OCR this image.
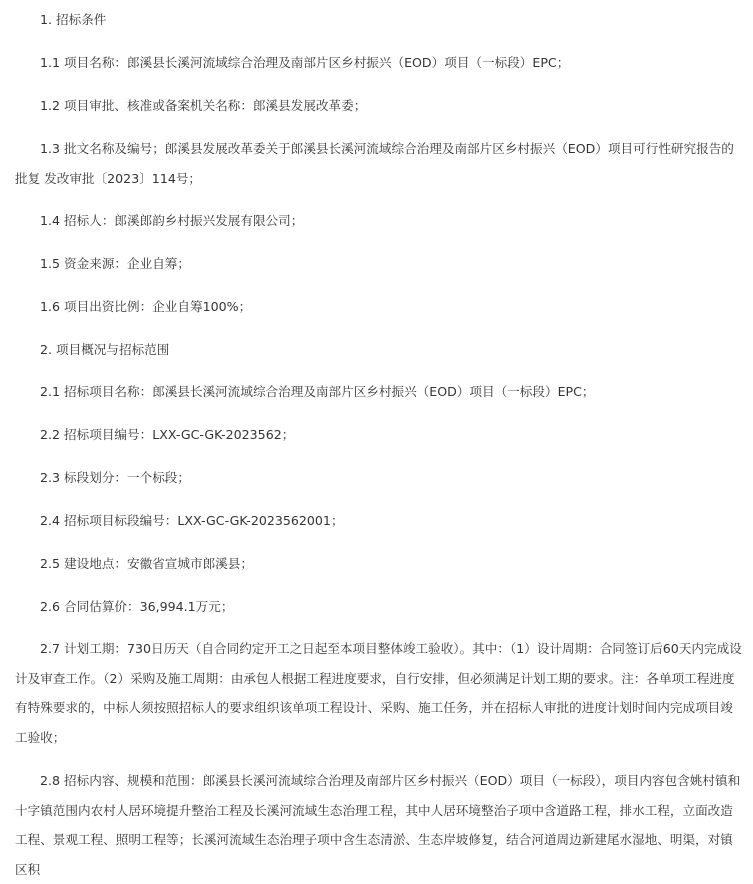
1. 招标条件
1.1 项目名称：郎溪县长溪河流域综合治理及南部片区乡村振兴（EOD）项目（一标段）EPC；
1.2 项目审批、核准或备案机关名称：郎溪县发展改革委；
1.3 批文名称及编号；郎溪县发展改革委关于郎溪县长溪河流域综合治理及南部片区乡村振兴（EOD）项目可行性研究报告的批复 发改审批〔2023〕114号；
1.4 招标人：郎溪郎韵乡村振兴发展有限公司；
1.5 资金来源：企业自筹；
1.6 项目出资比例：企业自筹100%；
2. 项目概况与招标范围
2.1 招标项目名称：郎溪县长溪河流域综合治理及南部片区乡村振兴（EOD）项目（一标段）EPC；
2.2 招标项目编号：LXX-GC-GK-2023562；
2.3 标段划分：一个标段；
2.4 招标项目标段编号：LXX-GC-GK-2023562001；
2.5 建设地点：安徽省宣城市郎溪县；
2.6 合同估算价：36,994.1万元；
2.7 计划工期：730日历天（自合同约定开工之日起至本项目整体竣工验收）。其中：（1）设计周期：合同签订后60天内完成设计及审查工作。（2）采购及施工周期：由承包人根据工程进度要求，自行安排，但必须满足计划工期的要求。注：各单项工程进度有特殊要求的，中标人须按照招标人的要求组织该单项工程设计、采购、施工任务，并在招标人审批的进度计划时间内完成项目竣工验收；
2.8 招标内容、规模和范围：郎溪县长溪河流域综合治理及南部片区乡村振兴（EOD）项目（一标段），项目内容包含姚村镇和十字镇范围内农村人居环境提升整治工程及长溪河流域生态治理工程，其中人居环境整治子项中含道路工程，排水工程，立面改造工程、景观工程、照明工程等；长溪河流域生态治理子项中含生态清淤、生态岸坡修复，结合河道周边新建尾水湿地、明渠，对镇区积
